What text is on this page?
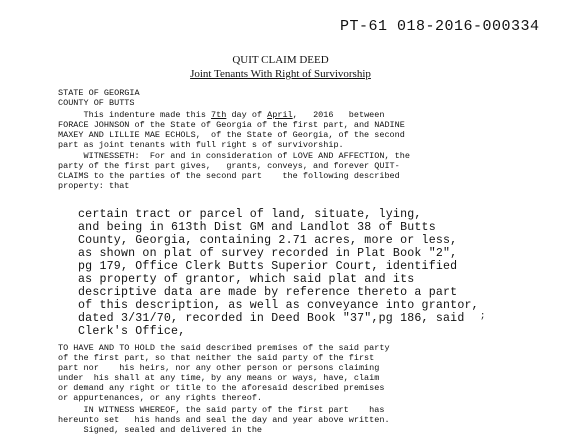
PT-61 018-2016-000334
QUIT CLAIM DEED
Joint Tenants With Right of Survivorship
STATE OF GEORGIA
COUNTY OF BUTTS
This indenture made this 7th day of April,   2016   between
FORACE JOHNSON of the State of Georgia of the first part, and NADINE
MAXEY AND LILLIE MAE ECHOLS,  of the State of Georgia, of the second
part as joint tenants with full right s of survivorship.
WITNESSETH:  For and in consideration of LOVE AND AFFECTION, the
party of the first part gives,   grants, conveys, and forever QUIT-
CLAIMS to the parties of the second part    the following described
property: that
certain tract or parcel of land, situate, lying,
and being in 613th Dist GM and Landlot 38 of Butts
County, Georgia, containing 2.71 acres, more or less,
as shown on plat of survey recorded in Plat Book "2",
pg 179, Office Clerk Butts Superior Court, identified
as property of grantor, which said plat and its
descriptive data are made by reference thereto a part
of this description, as well as conveyance into grantor,
dated 3/31/70, recorded in Deed Book "37",pg 186, said
Clerk's Office,
;
TO HAVE AND TO HOLD the said described premises of the said party
of the first part, so that neither the said party of the first
part nor    his heirs, nor any other person or persons claiming
under  his shall at any time, by any means or ways, have, claim
or demand any right or title to the aforesaid described premises
or appurtenances, or any rights thereof.
IN WITNESS WHEREOF, the said party of the first part    has
hereunto set   his hands and seal the day and year above written.
Signed, sealed and delivered in the
